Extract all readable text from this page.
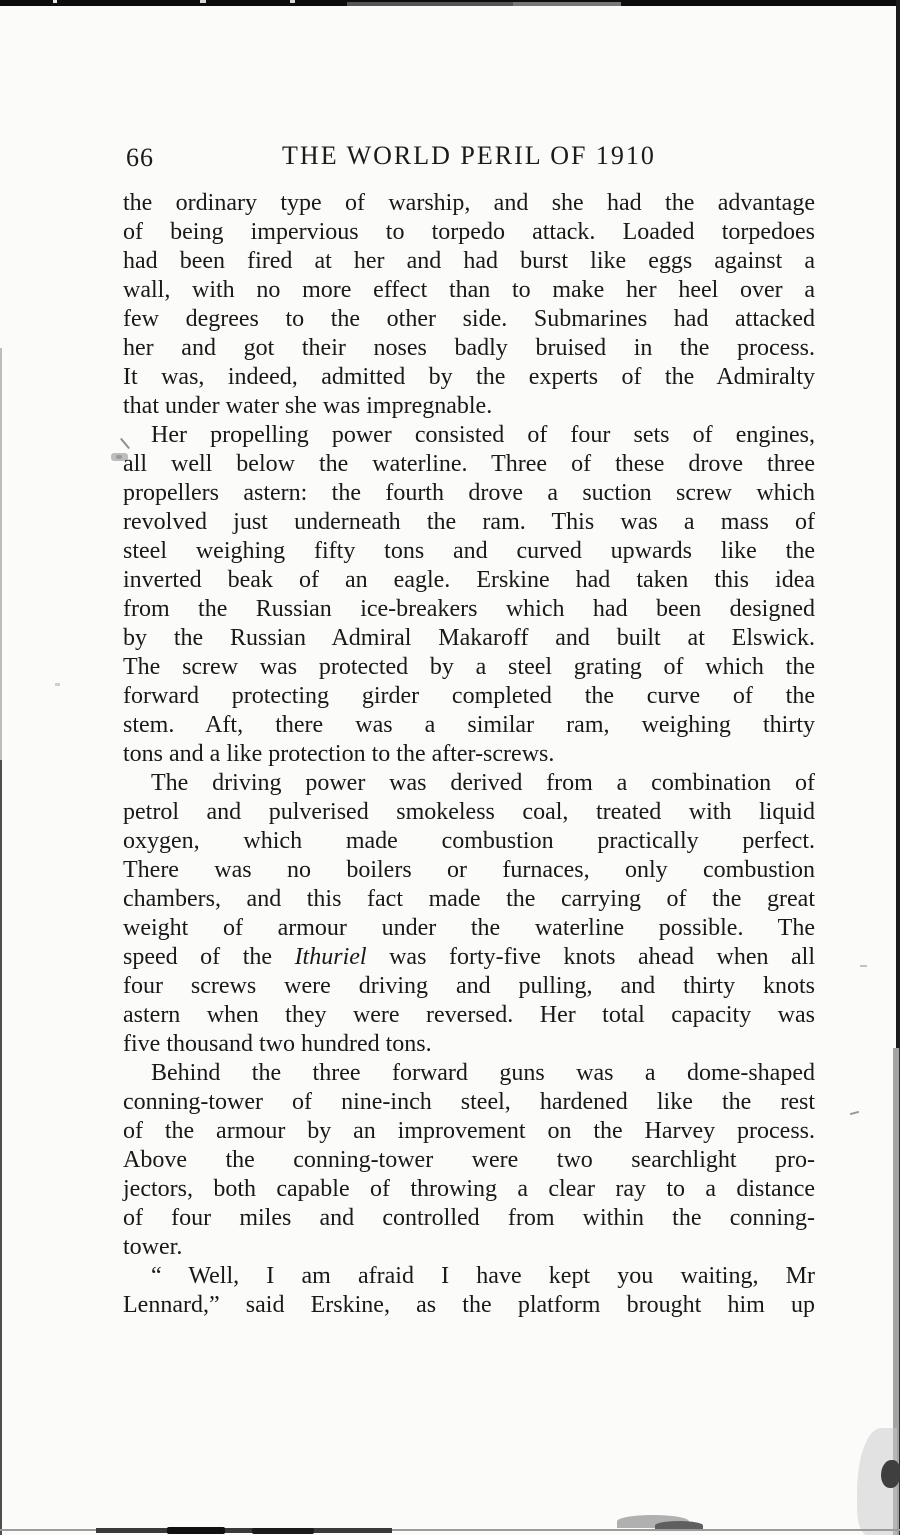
66	THE WORLD PERIL OF 1910
the ordinary type of warship, and she had the advantage
of being impervious to torpedo attack. Loaded torpedoes
had been fired at her and had burst like eggs against a
wall, with no more effect than to make her heel over a
few degrees to the other side. Submarines had attacked
her and got their noses badly bruised in the process.
It was, indeed, admitted by the experts of the Admiralty
that under water she was impregnable.
Her propelling power consisted of four sets of engines,
all well below the waterline. Three of these drove three
propellers astern: the fourth drove a suction screw which
revolved just underneath the ram. This was a mass of
steel weighing fifty tons and curved upwards like the
inverted beak of an eagle. Erskine had taken this idea
from the Russian ice-breakers which had been designed
by the Russian Admiral Makaroff and built at Elswick.
The screw was protected by a steel grating of which the
forward protecting girder completed the curve of the
stem. Aft, there was a similar ram, weighing thirty
tons and a like protection to the after-screws.
The driving power was derived from a combination of
petrol and pulverised smokeless coal, treated with liquid
oxygen, which made combustion practically perfect.
There was no boilers or furnaces, only combustion
chambers, and this fact made the carrying of the great
weight of armour under the waterline possible. The
speed of the Ithuriel was forty-five knots ahead when all
four screws were driving and pulling, and thirty knots
astern when they were reversed. Her total capacity was
five thousand two hundred tons.
Behind the three forward guns was a dome-shaped
conning-tower of nine-inch steel, hardened like the rest
of the armour by an improvement on the Harvey process.
Above the conning-tower were two searchlight pro-
jectors, both capable of throwing a clear ray to a distance
of four miles and controlled from within the conning-
tower.
“ Well, I am afraid I have kept you waiting, Mr
Lennard,” said Erskine, as the platform brought him up
